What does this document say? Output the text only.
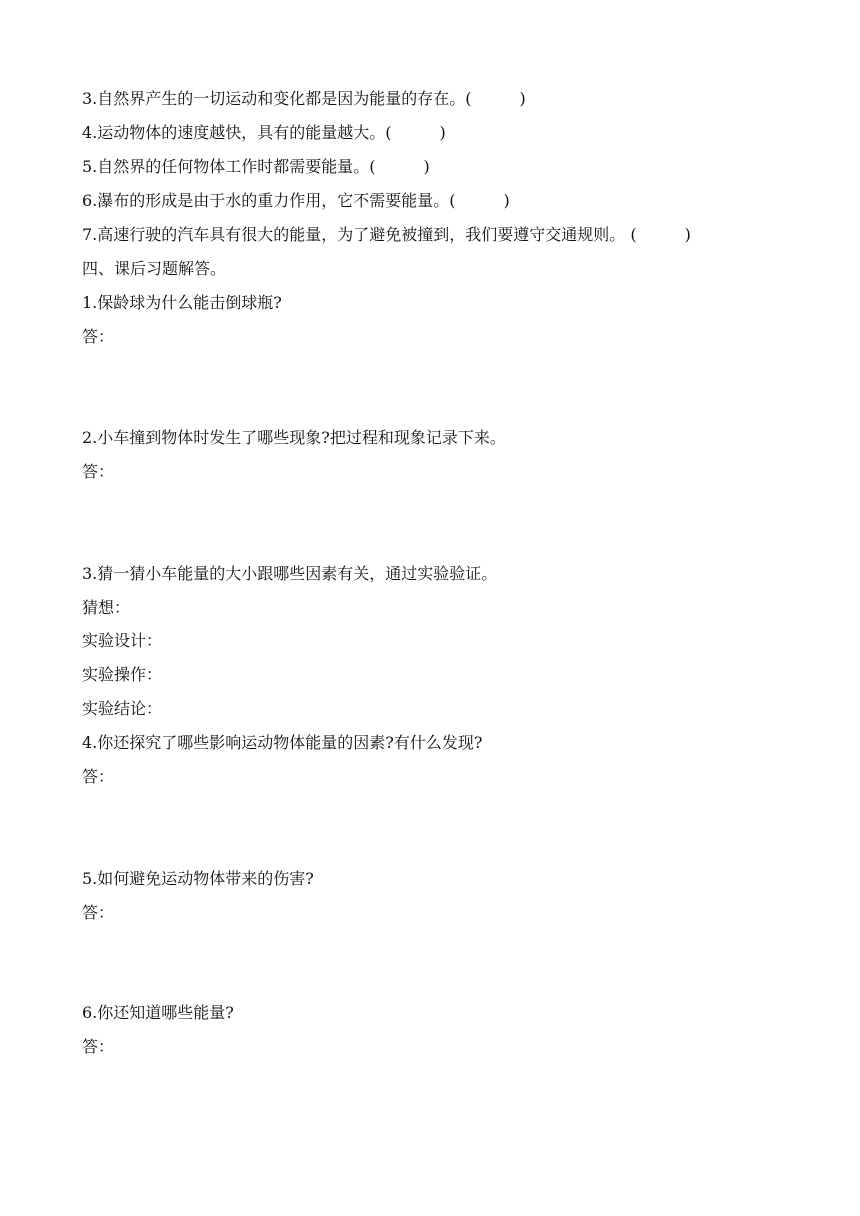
3.自然界产生的一切运动和变化都是因为能量的存在。(　　　)
4.运动物体的速度越快，具有的能量越大。(　　　)
5.自然界的任何物体工作时都需要能量。(　　　)
6.瀑布的形成是由于水的重力作用，它不需要能量。(　　　)
7.高速行驶的汽车具有很大的能量，为了避免被撞到，我们要遵守交通规则。 (　　　)
四、课后习题解答。
1.保龄球为什么能击倒球瓶?
答：
2.小车撞到物体时发生了哪些现象?把过程和现象记录下来。
答：
3.猜一猜小车能量的大小跟哪些因素有关，通过实验验证。
猜想：
实验设计：
实验操作：
实验结论：
4.你还探究了哪些影响运动物体能量的因素?有什么发现?
答：
5.如何避免运动物体带来的伤害?
答：
6.你还知道哪些能量?
答：
